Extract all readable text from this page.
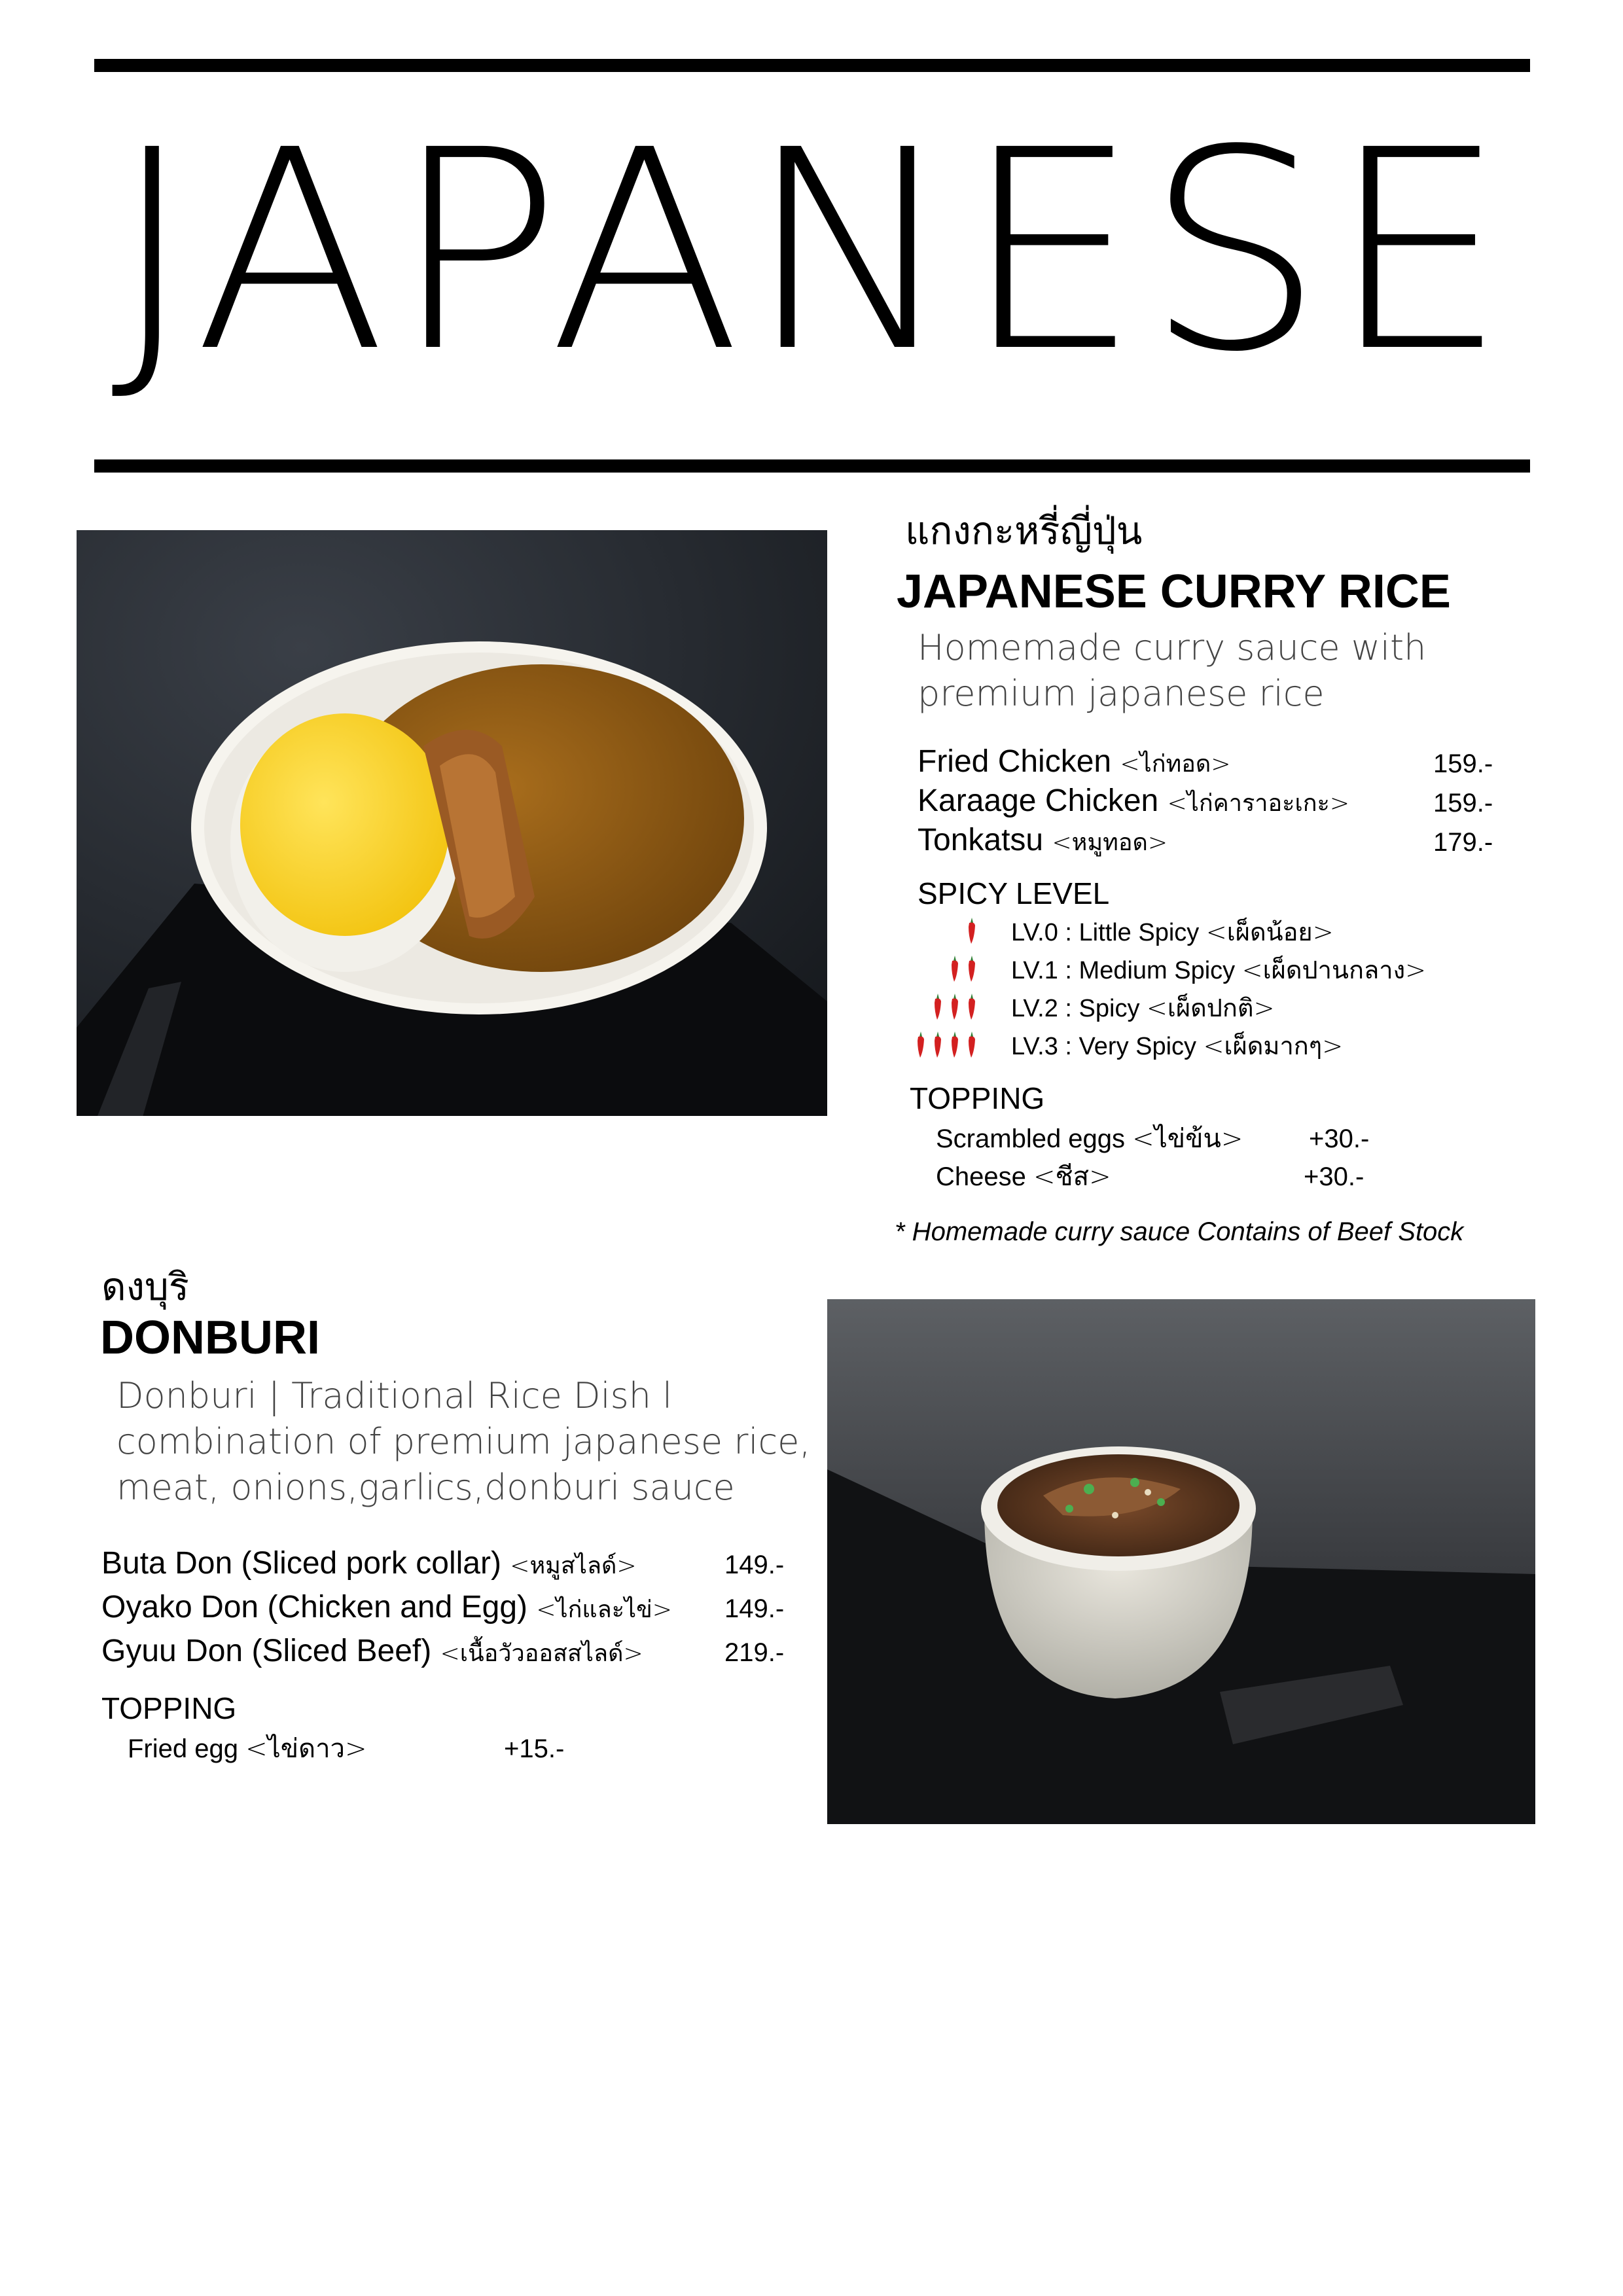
JAPANESE
แกงกะหรี่ญี่ปุ่น
JAPANESE CURRY RICE
Homemade curry sauce with premium japanese rice
Fried Chicken <ไก่ทอด>	159.-
Karaage Chicken <ไก่คาราอะเกะ>	159.-
Tonkatsu <หมูทอด>	179.-
SPICY LEVEL
LV.0 : Little Spicy <เผ็ดน้อย>
LV.1 : Medium Spicy <เผ็ดปานกลาง>
LV.2 : Spicy <เผ็ดปกติ>
LV.3 : Very Spicy <เผ็ดมากๆ>
TOPPING
Scrambled eggs <ไข่ข้น>	+30.-
Cheese <ชีส>	+30.-
* Homemade curry sauce Contains of Beef Stock
ดงบุริ
DONBURI
Donburi | Traditional Rice Dish l
combination of premium japanese rice,
meat, onions,garlics,donburi sauce
Buta Don (Sliced pork collar) <หมูสไลด์>	149.-
Oyako Don (Chicken and Egg) <ไก่และไข่> 149.-
Gyuu Don (Sliced Beef) <เนื้อวัวออสสไลด์>	219.-
TOPPING
Fried egg <ไข่ดาว>	+15.-
